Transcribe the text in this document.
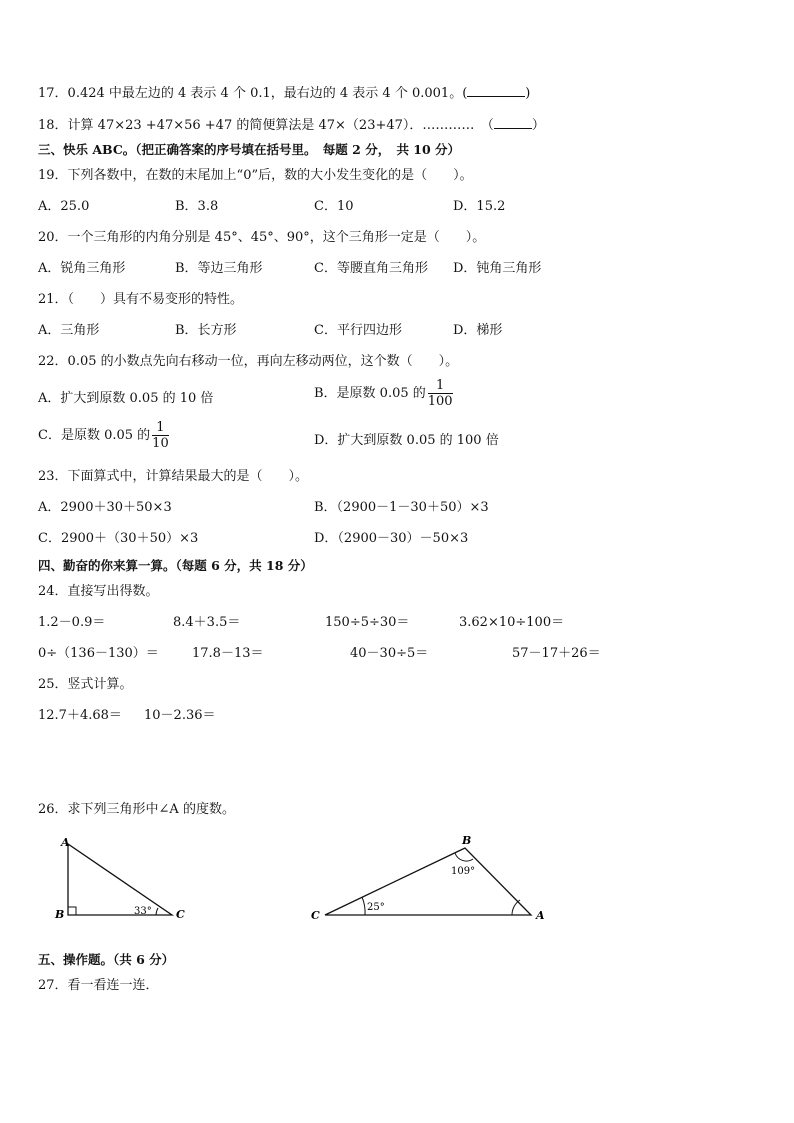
17．0.424 中最左边的 4 表示 4 个 0.1，最右边的 4 表示 4 个 0.001。(	)
18．计算 47×23 +47×56 +47 的简便算法是 47×（23+47）．…………　（	）
三、快乐 ABC。（把正确答案的序号填在括号里。　每题 2 分，　共 10 分）
19．下列各数中，在数的末尾加上“0”后，数的大小发生变化的是（　　）。
A．25.0	B．3.8	C．10	D．15.2
20．一个三角形的内角分别是 45°、45°、90°，这个三角形一定是（　　）。
A．锐角三角形	B．等边三角形	C．等腰直角三角形 D．钝角三角形
21．（　　）具有不易变形的特性。
A．三角形	B．长方形	C．平行四边形	D．梯形
22．0.05 的小数点先向右移动一位，再向左移动两位，这个数（　　）。
A．扩大到原数 0.05 的 10 倍	B．是原数 0.05 的 $\frac{1}{100}$
C．是原数 0.05 的 $\frac{1}{10}$	D．扩大到原数 0.05 的 100 倍
23．下面算式中，计算结果最大的是（　　）。
A．2900＋30＋50×3	B．（2900－1－30＋50）×3
C．2900＋（30＋50）×3	D．（2900－30）－50×3
四、勤奋的你来算一算。（每题 6 分，共 18 分）
24．直接写出得数。
1.2－0.9＝	8.4＋3.5＝	150÷5÷30＝	3.62×10÷100＝
0÷（136－130）＝	17.8－13＝	40－30÷5＝	57－17＋26＝
25．竖式计算。
12.7＋4.68＝ 10－2.36＝
26．求下列三角形中∠A 的度数。
A
B	C
33°
B
C	A
109°
25°
五、操作题。（共 6 分）
27．看一看连一连．
